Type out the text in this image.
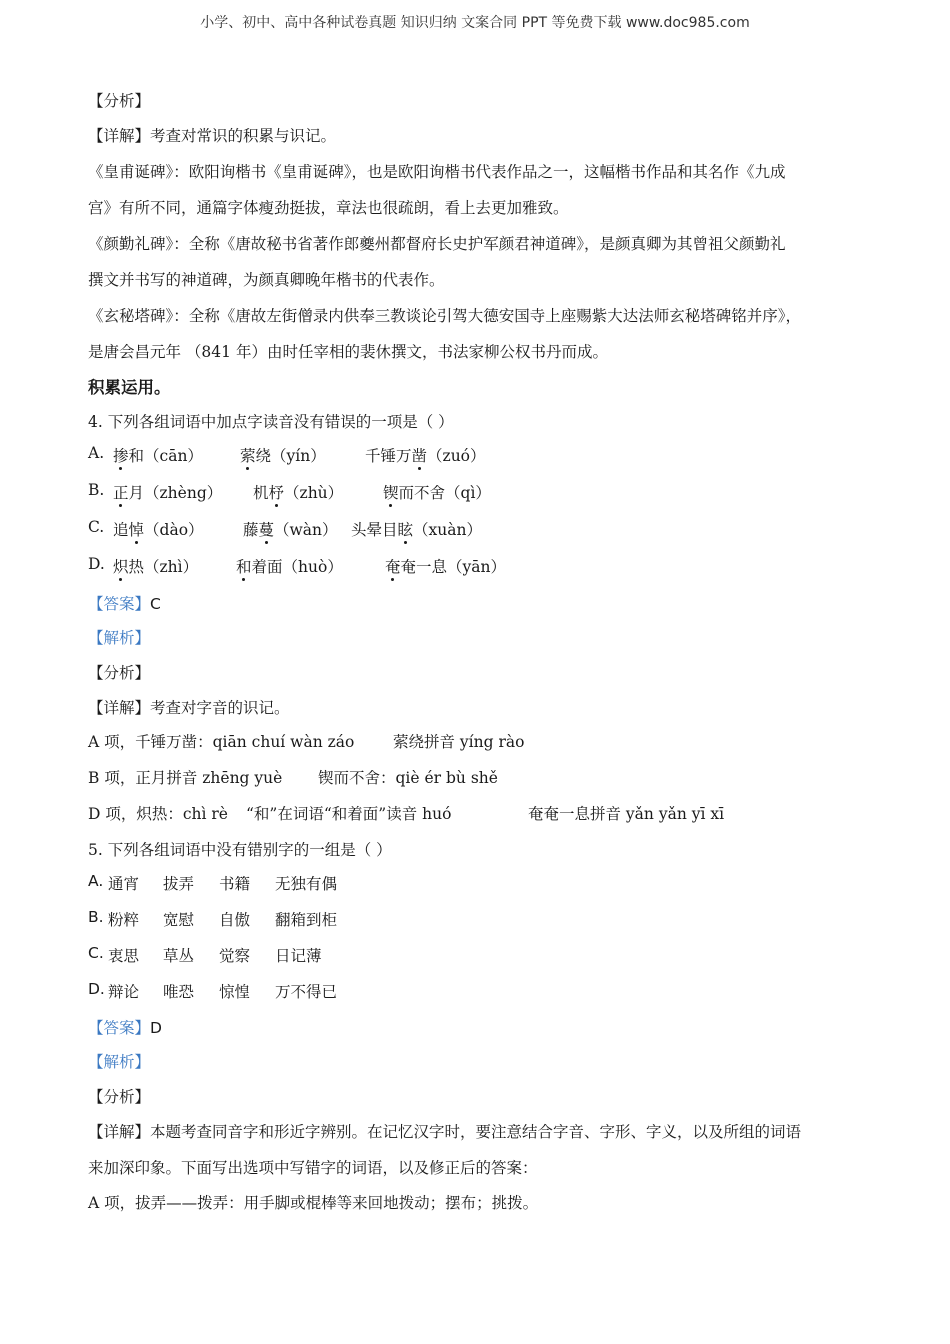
小学、初中、高中各种试卷真题 知识归纳 文案合同 PPT 等免费下载 www.doc985.com
【分析】
【详解】考查对常识的积累与识记。
《皇甫诞碑》：欧阳询楷书《皇甫诞碑》，也是欧阳询楷书代表作品之一，这幅楷书作品和其名作《九成
宫》有所不同，通篇字体瘦劲挺拔，章法也很疏朗，看上去更加雅致。
《颜勤礼碑》：全称《唐故秘书省著作郎夔州都督府长史护军颜君神道碑》，是颜真卿为其曾祖父颜勤礼
撰文并书写的神道碑，为颜真卿晚年楷书的代表作。
《玄秘塔碑》：全称《唐故左街僧录内供奉三教谈论引驾大德安国寺上座赐紫大达法师玄秘塔碑铭并序》，
是唐会昌元年 （841 年）由时任宰相的裴休撰文，书法家柳公权书丹而成。
积累运用。
4. 下列各组词语中加点字读音没有错误的一项是（ ）
A. 掺和（cān） 萦绕（yín）	千锤万凿（zuó）
B. 正月（zhèng） 机杼（zhù）	锲而不舍（qì）
C. 追悼（dào）	藤蔓（wàn） 头晕目眩（xuàn）
D. 炽热（zhì） 和着面（huò）	奄奄一息（yān）
【答案】C
【解析】
【分析】
【详解】考查对字音的识记。
A 项，千锤万凿：qiān chuí wàn záo 萦绕拼音 yíng rào
B 项，正月拼音 zhēng yuè 锲而不舍：qiè ér bù shě
D 项，炽热：chì rè “和”在词语“和着面”读音 huó	奄奄一息拼音 yǎn yǎn yī xī
5. 下列各组词语中没有错别字的一组是（ ）
A. 通宵 拔弄 书籍 无独有偶
B. 粉粹 宽慰 自傲 翻箱到柜
C. 衷思 草丛 觉察 日记薄
D. 辩论 唯恐 惊惶 万不得已
【答案】D
【解析】
【分析】
【详解】本题考查同音字和形近字辨别。在记忆汉字时，要注意结合字音、字形、字义，以及所组的词语
来加深印象。下面写出选项中写错字的词语，以及修正后的答案：
A 项，拔弄——拨弄：用手脚或棍棒等来回地拨动；摆布；挑拨。
